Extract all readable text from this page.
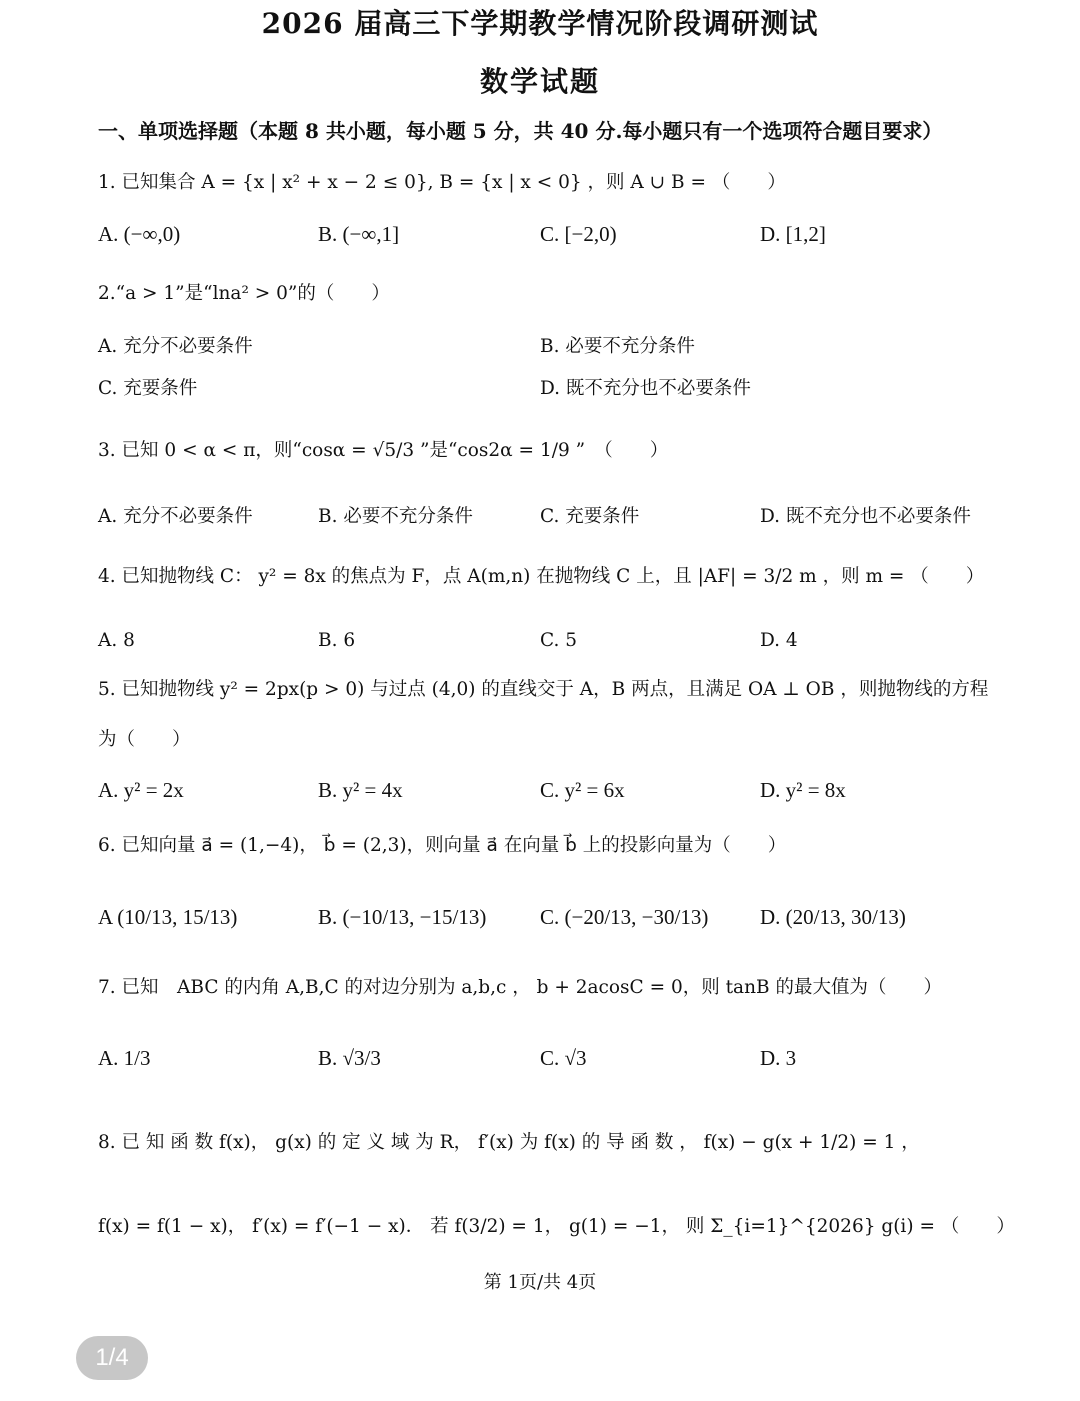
2026 届高三下学期教学情况阶段调研测试
数学试题
一、单项选择题（本题 8 共小题，每小题 5 分，共 40 分.每小题只有一个选项符合题目要求）
1. 已知集合 A = {x | x² + x − 2 ≤ 0}, B = {x | x < 0} ，则 A ∪ B = （　　）
A. (−∞,0)	B. (−∞,1]	C. [−2,0)	D. [1,2]
2.“a > 1”是“lna² > 0”的（　　）
A. 充分不必要条件	B. 必要不充分条件
C. 充要条件	D. 既不充分也不必要条件
3. 已知 0 < α < π，则“cosα = √5/3 ”是“cos2α = 1/9 ”　（　　）
A. 充分不必要条件	B. 必要不充分条件	C. 充要条件	D. 既不充分也不必要条件
4. 已知抛物线 C： y² = 8x 的焦点为 F，点 A(m,n) 在抛物线 C 上，且 |AF| = 3/2 m ，则 m = （　　）
A. 8	B. 6	C. 5	D. 4
5. 已知抛物线 y² = 2px(p > 0) 与过点 (4,0) 的直线交于 A，B 两点，且满足 OA ⊥ OB ，则抛物线的方程
为（　　）
A. y² = 2x	B. y² = 4x	C. y² = 6x	D. y² = 8x
6. 已知向量 a⃗ = (1,−4)， b⃗ = (2,3)，则向量 a⃗ 在向量 b⃗ 上的投影向量为（　　）
A (10/13, 15/13)	B. (−10/13, −15/13)	C. (−20/13, −30/13) D. (20/13, 30/13)
7. 已知　ABC 的内角 A,B,C 的对边分别为 a,b,c ， b + 2acosC = 0，则 tanB 的最大值为（　　）
A. 1/3	B. √3/3	C. √3	D. 3
8. 已 知 函 数 f(x)， g(x) 的 定 义 域 为 R， f′(x) 为 f(x) 的 导 函 数 ， f(x) − g(x + 1/2) = 1 ，
f(x) = f(1 − x)， f′(x) = f′(−1 − x)． 若 f(3/2) = 1， g(1) = −1， 则 Σ_{i=1}^{2026} g(i) = （　　）
第 1页/共 4页
1/4
